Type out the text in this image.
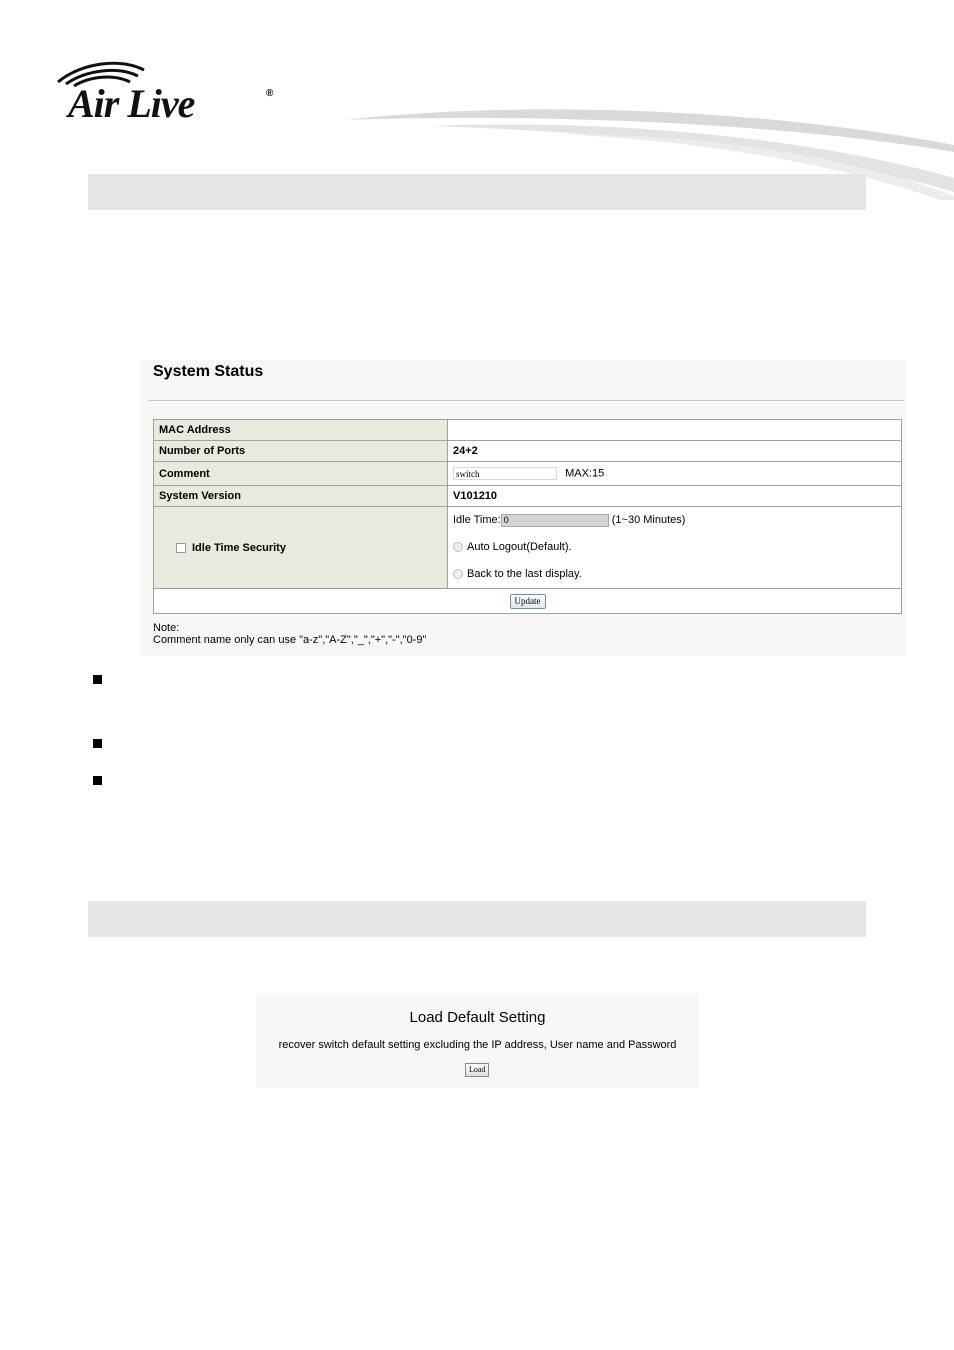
Air Live	®
System Status
MAC Address	
Number of Ports	24+2
Comment	switchMAX:15
System Version	V101210
Idle Time Security	Idle Time:0 (1~30 Minutes)
Auto Logout(Default).
Back to the last display.

Update	
Note:
Comment name only can use "a-z","A-Z","_","+","-","0-9"
Load Default Setting
recover switch default setting excluding the IP address, User name and Password
Load
